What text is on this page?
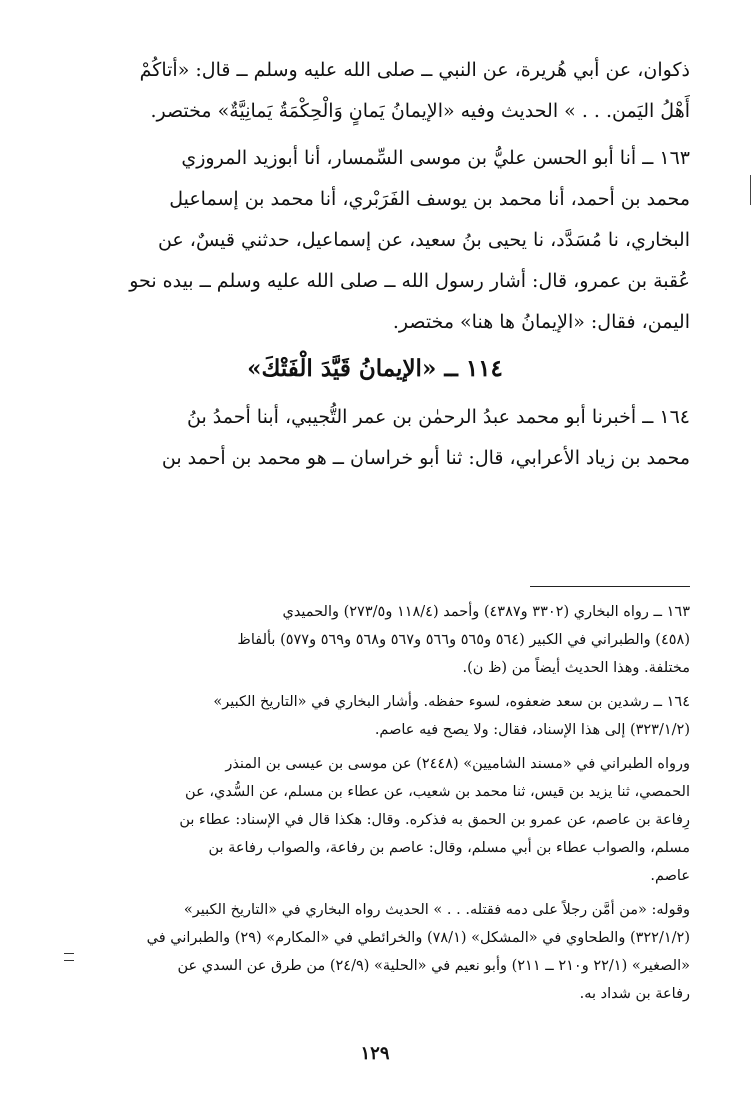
ذكوان، عن أبي هُريرة، عن النبي ــ صلى الله عليه وسلم ــ قال: «أتاكُمْ
أَهْلُ اليَمن. . . » الحديث وفيه «الإيمانُ يَمانٍ وَالْحِكْمَةُ يَمانِيَّةٌ» مختصر.
١٦٣ ــ أنا أبو الحسن عليُّ بن موسى السِّمسار، أنا أبوزيد المروزي
محمد بن أحمد، أنا محمد بن يوسف الفَرَبْري، أنا محمد بن إسماعيل
البخاري، نا مُسَدَّد، نا يحيى بنُ سعيد، عن إسماعيل، حدثني قيسٌ، عن
عُقبة بن عمرو، قال: أشار رسول الله ــ صلى الله عليه وسلم ــ بيده نحو
اليمن، فقال: «الإيمانُ ها هنا» مختصر.
١١٤ ــ «الإيمانُ قَيَّدَ الْفَتْكَ»
١٦٤ ــ أخبرنا أبو محمد عبدُ الرحمٰن بن عمر التُّجيبي، أبنا أحمدُ بنُ
محمد بن زياد الأعرابي، قال: ثنا أبو خراسان ــ هو محمد بن أحمد بن
١٦٣ ــ رواه البخاري (٣٣٠٢ و٤٣٨٧) وأحمد (١١٨/٤ و٢٧٣/٥) والحميدي
(٤٥٨) والطبراني في الكبير (٥٦٤ و٥٦٥ و٥٦٦ و٥٦٧ و٥٦٨ و٥٦٩ و٥٧٧) بألفاظ
مختلفة. وهذا الحديث أيضاً من (ظ ن).
١٦٤ ــ رشدين بن سعد ضعفوه، لسوء حفظه. وأشار البخاري في «التاريخ الكبير»
(٣٢٣/١/٢) إلى هذا الإسناد، فقال: ولا يصح فيه عاصم.
ورواه الطبراني في «مسند الشاميين» (٢٤٤٨) عن موسى بن عيسى بن المنذر
الحمصي، ثنا يزيد بن قيس، ثنا محمد بن شعيب، عن عطاء بن مسلم، عن السُّدي، عن
رِفاعة بن عاصم، عن عمرو بن الحمق به فذكره. وقال: هكذا قال في الإسناد: عطاء بن
مسلم، والصواب عطاء بن أبي مسلم، وقال: عاصم بن رفاعة، والصواب رفاعة بن
عاصم.
وقوله: «من أمَّن رجلاً على دمه فقتله. . . » الحديث رواه البخاري في «التاريخ الكبير»
(٣٢٢/١/٢) والطحاوي في «المشكل» (٧٨/١) والخرائطي في «المكارم» (٢٩) والطبراني في
«الصغير» (٢٢/١ و٢١٠ ــ ٢١١) وأبو نعيم في «الحلية» (٢٤/٩) من طرق عن السدي عن
رفاعة بن شداد به.
١٢٩
